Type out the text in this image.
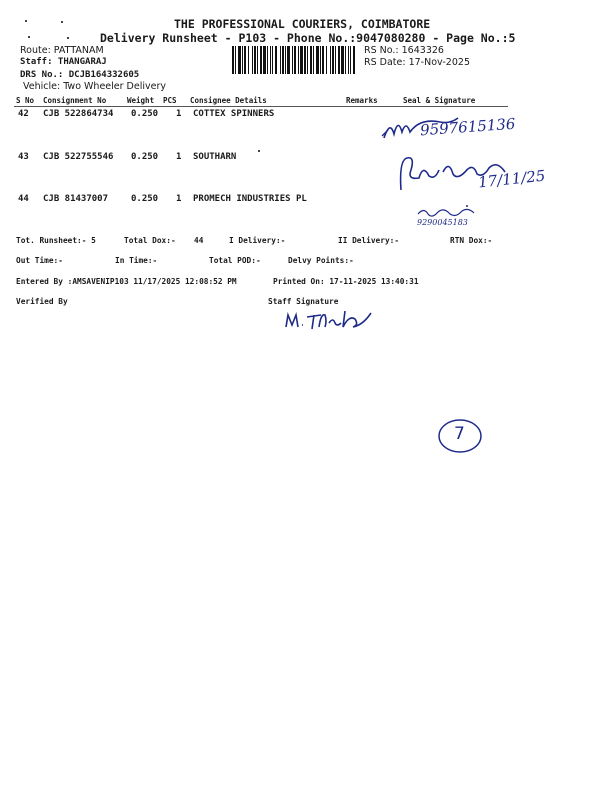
THE PROFESSIONAL COURIERS, COIMBATORE
Delivery Runsheet - P103 - Phone No.:9047080280 - Page No.:5
Route: PATTANAM
Staff: THANGARAJ
DRS No.: DCJB164332605
Vehicle: Two Wheeler Delivery
RS No.: 1643326
RS Date: 17-Nov-2025
S No Consignment No	Weight PCS Consignee Details	Remarks	Seal & Signature
42 CJB 522864734 0.250 1 COTTEX SPINNERS
43 CJB 522755546 0.250 1 SOUTHARN
44 CJB 81437007	0.250 1 PROMECH INDUSTRIES PL
9597615136
17/11/25
9290045183
Tot. Runsheet:- 5	Total Dox:- 44	I Delivery:-	II Delivery:-	RTN Dox:-
Out Time:-	In Time:-	Total POD:-	Delvy Points:-
Entered By :AMSAVENIP103 11/17/2025 12:08:52 PM	Printed On: 17-11-2025 13:40:31
Verified By	Staff Signature
7
